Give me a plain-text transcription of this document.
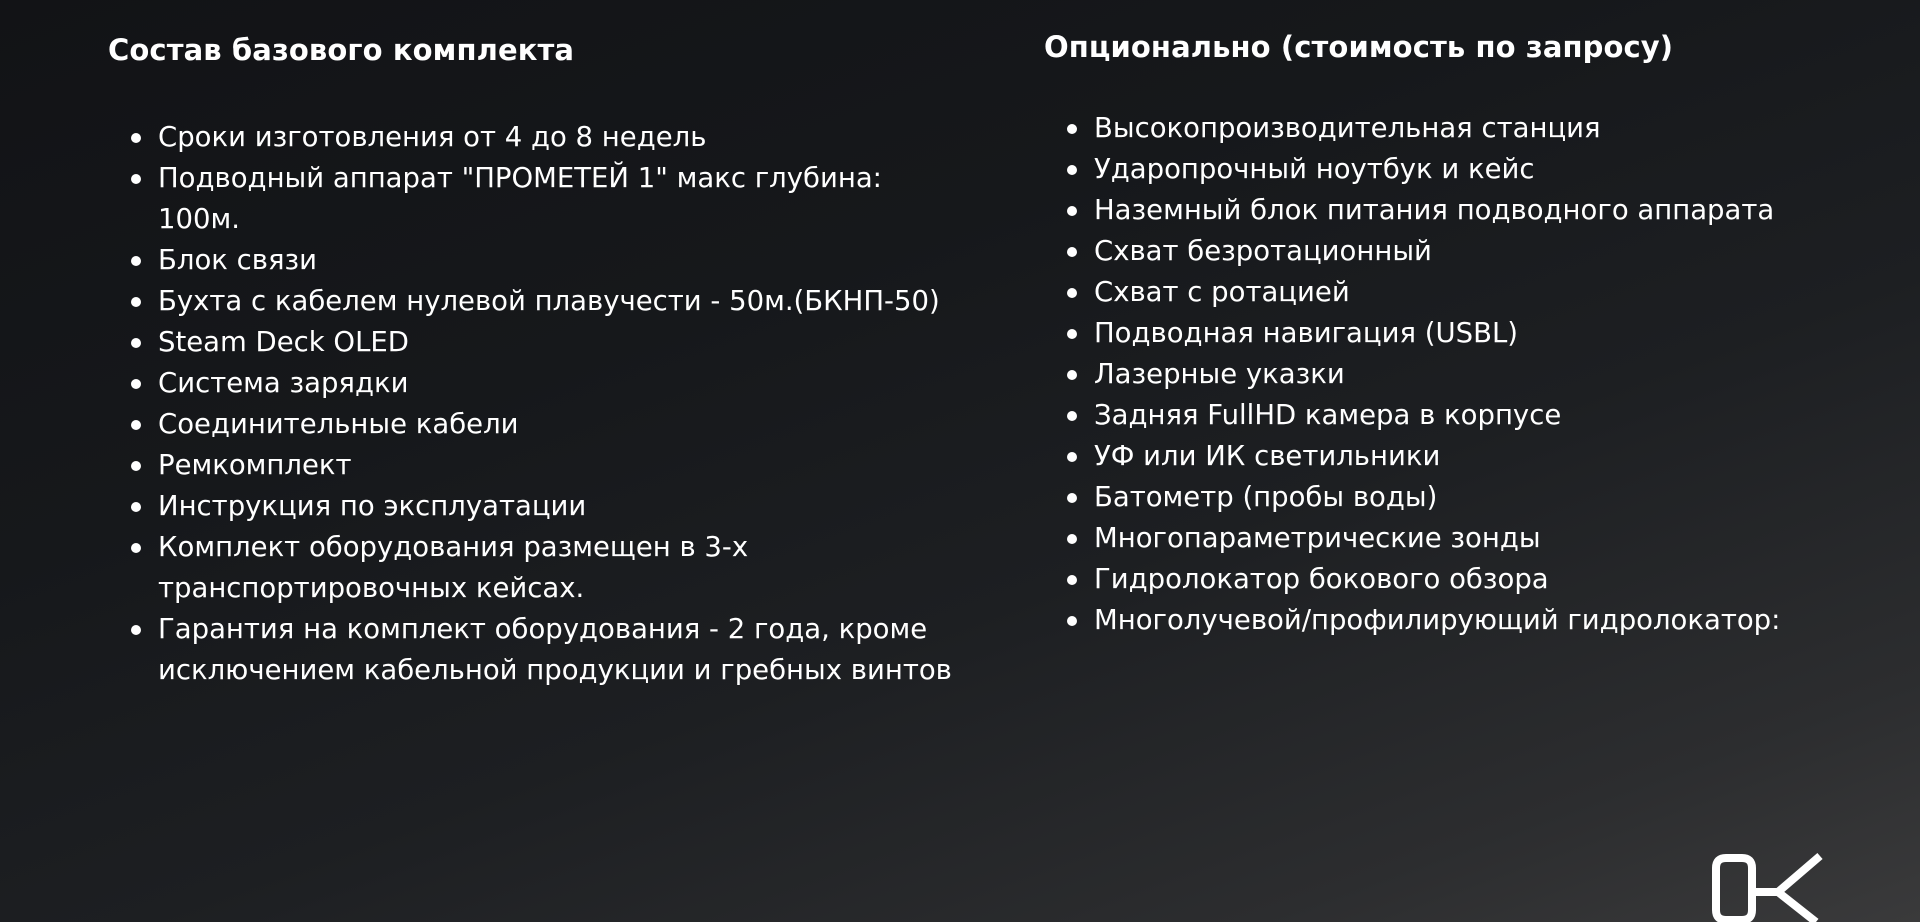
Состав базового комплекта
Сроки изготовления от 4 до 8 недель
Подводный аппарат "ПРОМЕТЕЙ 1" макс глубина: 100м.
Блок связи
Бухта с кабелем нулевой плавучести - 50м.(БКНП-50)
Steam Deck OLED
Система зарядки
Соединительные кабели
Ремкомплект
Инструкция по эксплуатации
Комплект оборудования размещен в 3-х транспортировочных кейсах.
Гарантия на комплект оборудования - 2 года, кроме исключением кабельной продукции и гребных винтов
Опционально (стоимость по запросу)
Высокопроизводительная станция
Ударопрочный ноутбук и кейс
Наземный блок питания подводного аппарата
Схват безротационный
Схват с ротацией
Подводная навигация (USBL)
Лазерные указки
Задняя FullHD камера в корпусе
УФ или ИК светильники
Батометр (пробы воды)
Многопараметрические зонды
Гидролокатор бокового обзора
Многолучевой/профилирующий гидролокатор:
